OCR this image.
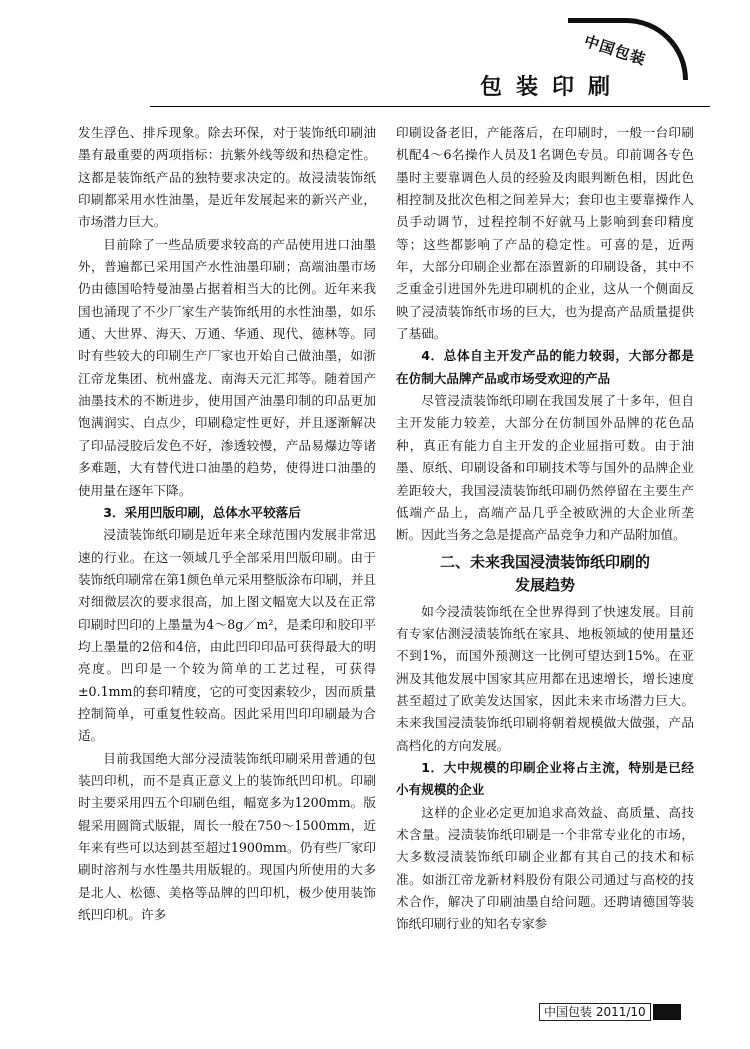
中国包装
包装印刷

发生浮色、排斥现象。除去环保，对于装饰纸印刷油墨有最重要的两项指标：抗紫外线等级和热稳定性。这都是装饰纸产品的独特要求决定的。故浸渍装饰纸印刷都采用水性油墨，是近年发展起来的新兴产业，市场潜力巨大。

目前除了一些品质要求较高的产品使用进口油墨外，普遍都已采用国产水性油墨印刷；高端油墨市场仍由德国哈特曼油墨占据着相当大的比例。近年来我国也涌现了不少厂家生产装饰纸用的水性油墨，如乐通、大世界、海天、万通、华通、现代、德林等。同时有些较大的印刷生产厂家也开始自己做油墨，如浙江帝龙集团、杭州盛龙、南海天元汇邦等。随着国产油墨技术的不断进步，使用国产油墨印制的印品更加饱满润实、白点少，印刷稳定性更好，并且逐渐解决了印品浸胶后发色不好，渗透较慢，产品易爆边等诸多难题，大有替代进口油墨的趋势，使得进口油墨的使用量在逐年下降。

3．采用凹版印刷，总体水平较落后

浸渍装饰纸印刷是近年来全球范围内发展非常迅速的行业。在这一领域几乎全部采用凹版印刷。由于装饰纸印刷常在第1颜色单元采用整版涂布印刷，并且对细微层次的要求很高，加上图文幅宽大以及在正常印刷时凹印的上墨量为4～8g／m²，是柔印和胶印平均上墨量的2倍和4倍，由此凹印印品可获得最大的明亮度。凹印是一个较为简单的工艺过程，可获得±0.1mm的套印精度，它的可变因素较少，因而质量控制简单，可重复性较高。因此采用凹印印刷最为合适。

目前我国绝大部分浸渍装饰纸印刷采用普通的包装凹印机，而不是真正意义上的装饰纸凹印机。印刷时主要采用四五个印刷色组，幅宽多为1200mm。版辊采用圆筒式版辊，周长一般在750～1500mm，近年来有些可以达到甚至超过1900mm。仍有些厂家印刷时溶剂与水性墨共用版辊的。现国内所使用的大多是北人、松德、美格等品牌的凹印机，极少使用装饰纸凹印机。许多

印刷设备老旧，产能落后，在印刷时，一般一台印刷机配4～6名操作人员及1名调色专员。印前调各专色墨时主要靠调色人员的经验及肉眼判断色相，因此色相控制及批次色相之间差异大；套印也主要靠操作人员手动调节，过程控制不好就马上影响到套印精度等；这些都影响了产品的稳定性。可喜的是，近两年，大部分印刷企业都在添置新的印刷设备，其中不乏重金引进国外先进印刷机的企业，这从一个侧面反映了浸渍装饰纸市场的巨大，也为提高产品质量提供了基础。

4．总体自主开发产品的能力较弱，大部分都是在仿制大品牌产品或市场受欢迎的产品

尽管浸渍装饰纸印刷在我国发展了十多年，但自主开发能力较差，大部分在仿制国外品牌的花色品种，真正有能力自主开发的企业屈指可数。由于油墨、原纸、印刷设备和印刷技术等与国外的品牌企业差距较大，我国浸渍装饰纸印刷仍然停留在主要生产低端产品上，高端产品几乎全被欧洲的大企业所垄断。因此当务之急是提高产品竞争力和产品附加值。

二、未来我国浸渍装饰纸印刷的
发展趋势

如今浸渍装饰纸在全世界得到了快速发展。目前有专家估测浸渍装饰纸在家具、地板领域的使用量还不到1%，而国外预测这一比例可望达到15%。在亚洲及其他发展中国家其应用都在迅速增长，增长速度甚至超过了欧美发达国家，因此未来市场潜力巨大。未来我国浸渍装饰纸印刷将朝着规模做大做强，产品高档化的方向发展。

1．大中规模的印刷企业将占主流，特别是已经小有规模的企业

这样的企业必定更加追求高效益、高质量、高技术含量。浸渍装饰纸印刷是一个非常专业化的市场，大多数浸渍装饰纸印刷企业都有其自己的技术和标准。如浙江帝龙新材料股份有限公司通过与高校的技术合作，解决了印刷油墨自给问题。还聘请德国等装饰纸印刷行业的知名专家参

中国包装 2011/10
